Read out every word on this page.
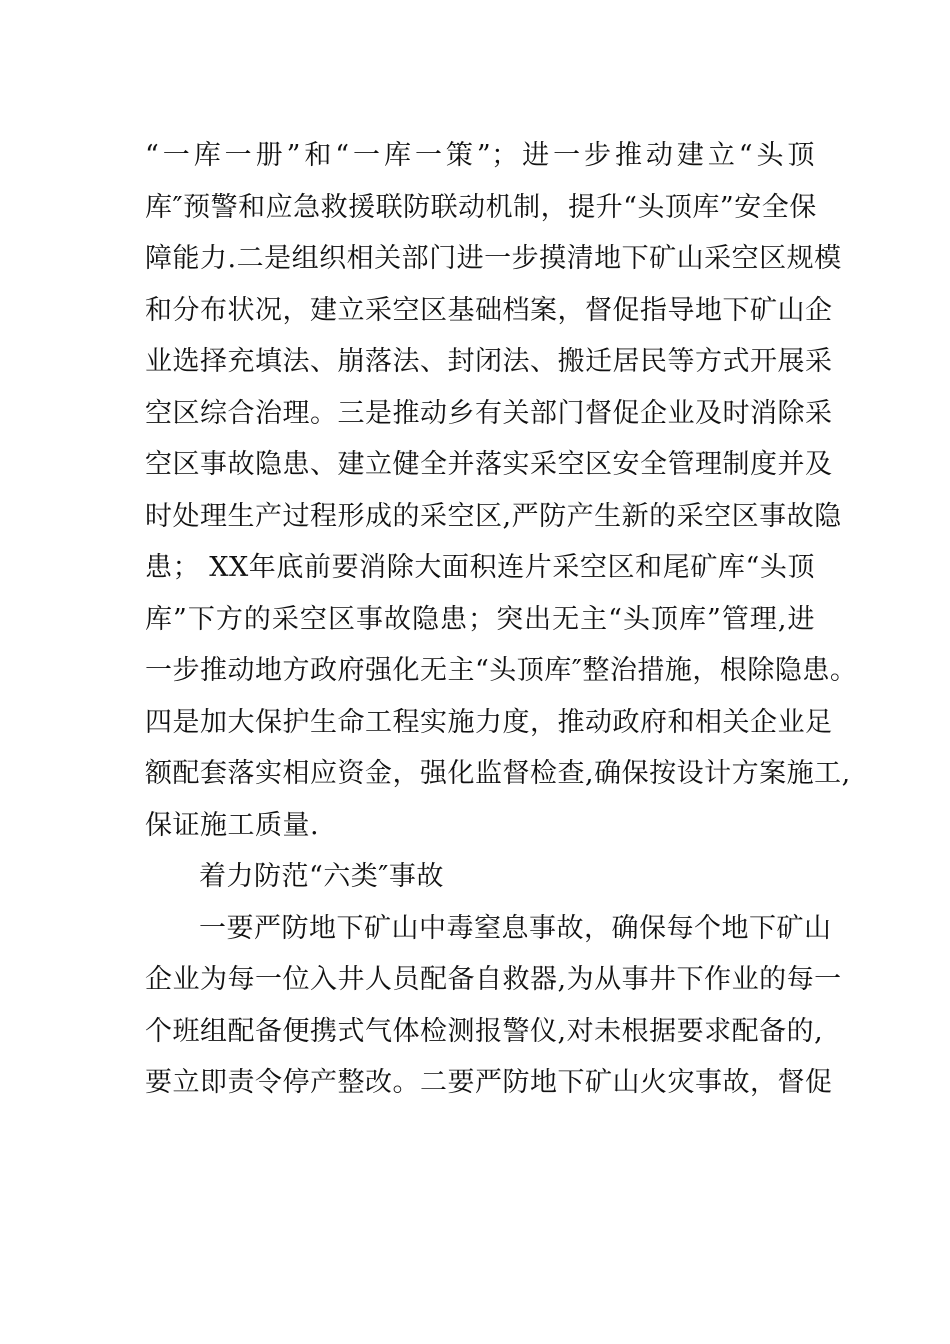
“一库一册”和“一库一策”；进一步推动建立“头顶
库″预警和应急救援联防联动机制，提升“头顶库”安全保
障能力.二是组织相关部门进一步摸清地下矿山采空区规模
和分布状况，建立采空区基础档案，督促指导地下矿山企
业选择充填法、崩落法、封闭法、搬迁居民等方式开展采
空区综合治理。三是推动乡有关部门督促企业及时消除采
空区事故隐患、建立健全并落实采空区安全管理制度并及
时处理生产过程形成的采空区,严防产生新的采空区事故隐
患； XX年底前要消除大面积连片采空区和尾矿库“头顶
库”下方的采空区事故隐患；突出无主“头顶库”管理,进
一步推动地方政府强化无主“头顶库″整治措施，根除隐患。
四是加大保护生命工程实施力度，推动政府和相关企业足
额配套落实相应资金，强化监督检查,确保按设计方案施工,
保证施工质量.
着力防范“六类″事故
一要严防地下矿山中毒窒息事故，确保每个地下矿山
企业为每一位入井人员配备自救器,为从事井下作业的每一
个班组配备便携式气体检测报警仪,对未根据要求配备的,
要立即责令停产整改。二要严防地下矿山火灾事故，督促
